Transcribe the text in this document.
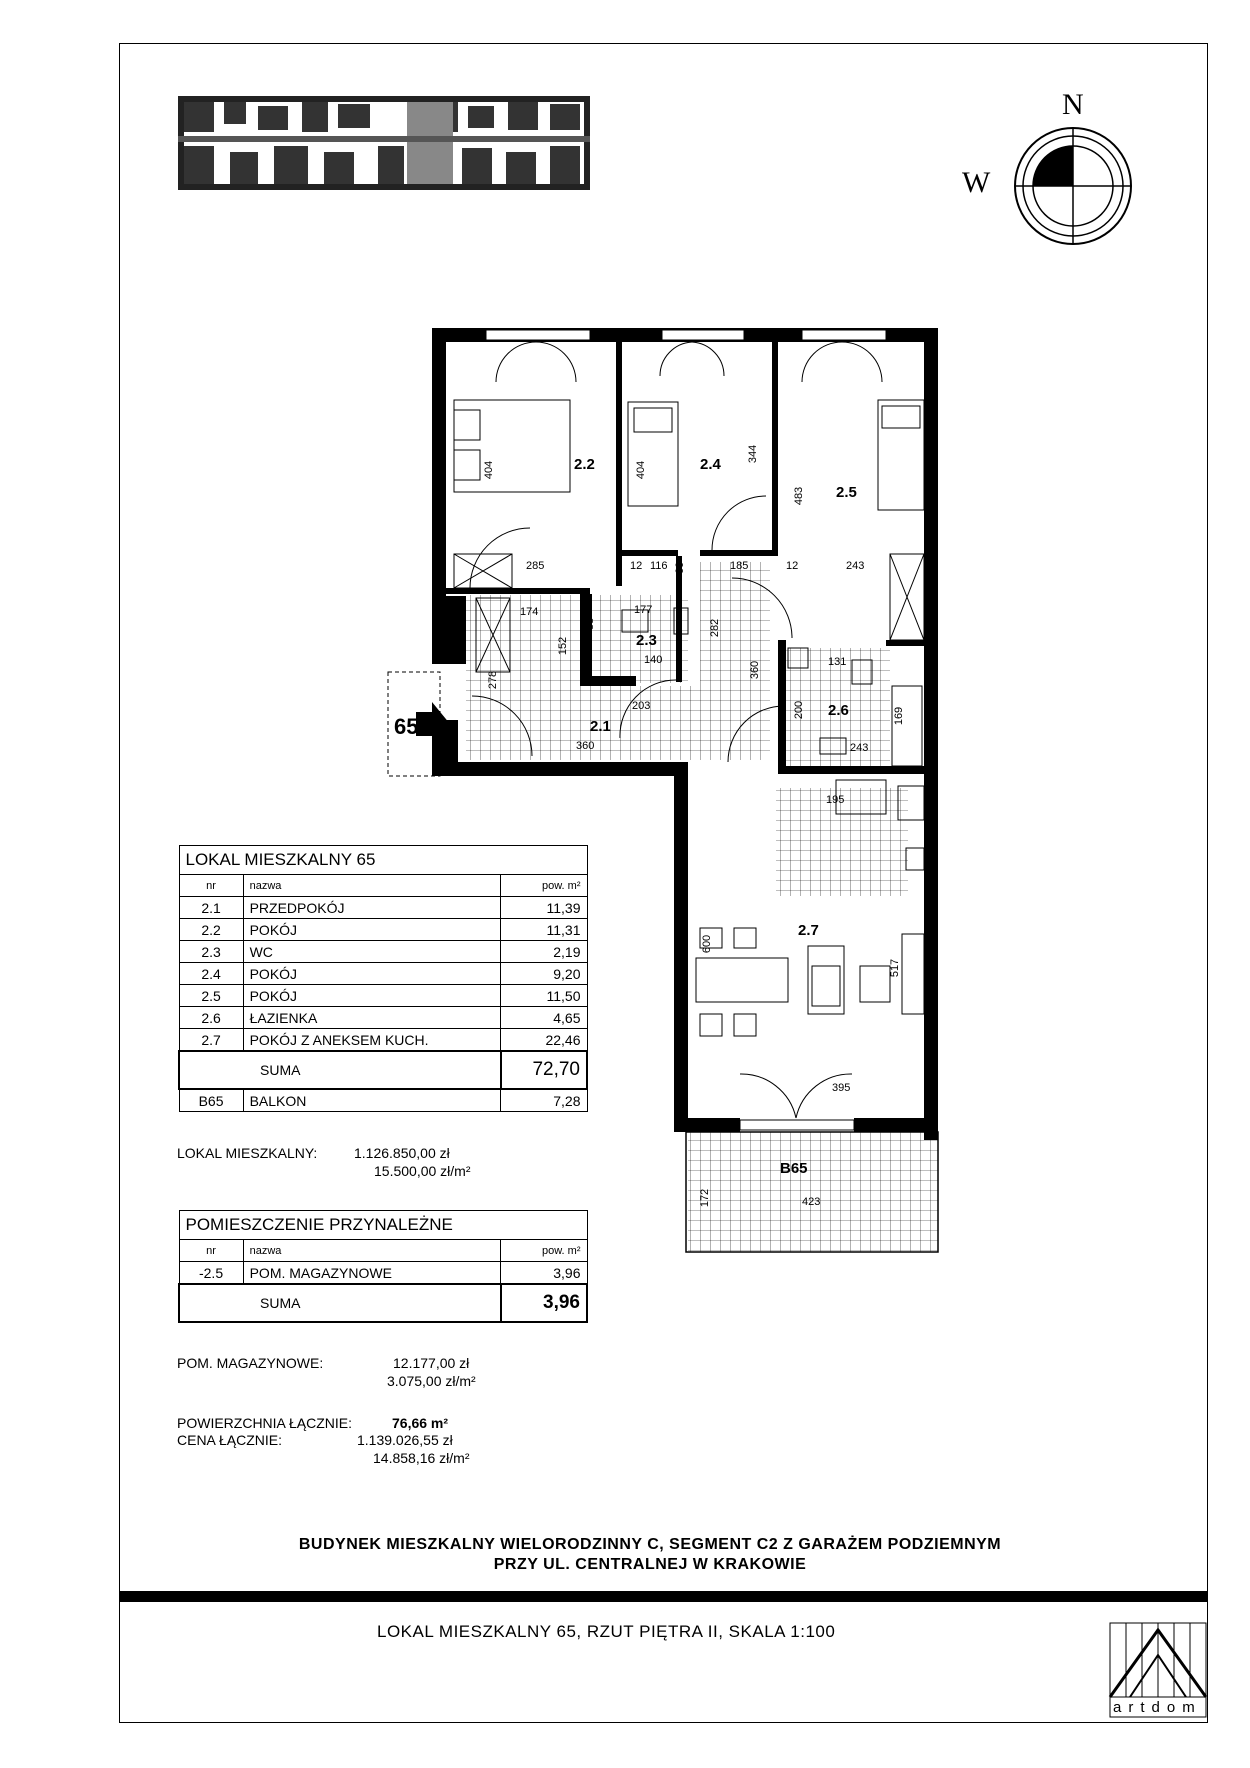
N
W
2.2	2.4
2.5
2.3
2.1
2.6
2.7
B65
65
404	404
344
483
285	12 116 60	185	12	243
174
88
177
152
140
282
278
203
360
360	131
200	169
243
195
600
517
395
172	423
LOKAL MIESZKALNY 65		
nr	nazwa	pow. m²
2.1	PRZEDPOKÓJ	11,39
2.2	POKÓJ	11,31
2.3	WC	2,19
2.4	POKÓJ	9,20
2.5	POKÓJ	11,50
2.6	ŁAZIENKA	4,65
2.7	POKÓJ Z ANEKSEM KUCH.	22,46
SUMA		72,70
B65	BALKON	7,28
LOKAL MIESZKALNY:	1.126.850,00 zł
15.500,00 zł/m²
POMIESZCZENIE PRZYNALEŻNE		
nr	nazwa	pow. m²
-2.5	POM. MAGAZYNOWE	3,96
SUMA		3,96
POM. MAGAZYNOWE:	12.177,00 zł
3.075,00 zł/m²
POWIERZCHNIA ŁĄCZNIE:	76,66 m²
CENA ŁĄCZNIE:	1.139.026,55 zł
14.858,16 zł/m²
BUDYNEK MIESZKALNY WIELORODZINNY C, SEGMENT C2 Z GARAŻEM PODZIEMNYM
PRZY UL. CENTRALNEJ W KRAKOWIE
LOKAL MIESZKALNY 65, RZUT PIĘTRA II, SKALA 1:100
artdom
